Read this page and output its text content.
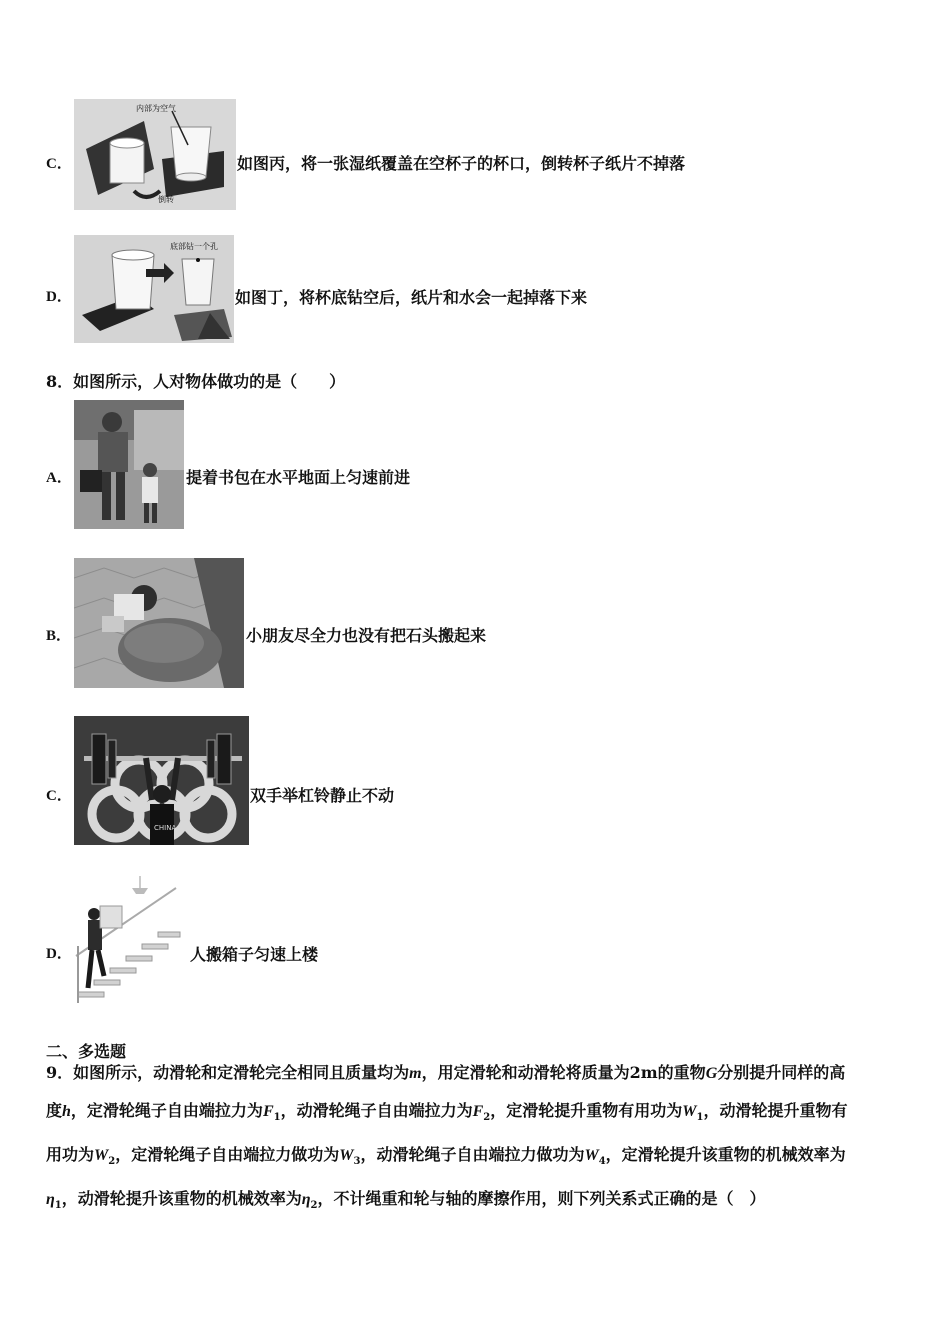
C．
内部为空气
倒转
如图丙，将一张湿纸覆盖在空杯子的杯口，倒转杯子纸片不掉落
D．
底部钻一个孔
如图丁，将杯底钻空后，纸片和水会一起掉落下来
8．如图所示，人对物体做功的是（　　）
A．	提着书包在水平地面上匀速前进
B．	小朋友尽全力也没有把石头搬起来
C．
CHINA
双手举杠铃静止不动
D．	人搬箱子匀速上楼
二、多选题
9．如图所示，动滑轮和定滑轮完全相同且质量均为m，用定滑轮和动滑轮将质量为2m的重物G分别提升同样的高
度h，定滑轮绳子自由端拉力为$F_1$，动滑轮绳子自由端拉力为$F_2$，定滑轮提升重物有用功为$W_1$，动滑轮提升重物有
用功为$W_2$，定滑轮绳子自由端拉力做功为$W_3$，动滑轮绳子自由端拉力做功为$W_4$，定滑轮提升该重物的机械效率为
$\eta_1$，动滑轮提升该重物的机械效率为$\eta_2$，不计绳重和轮与轴的摩擦作用，则下列关系式正确的是（　）
